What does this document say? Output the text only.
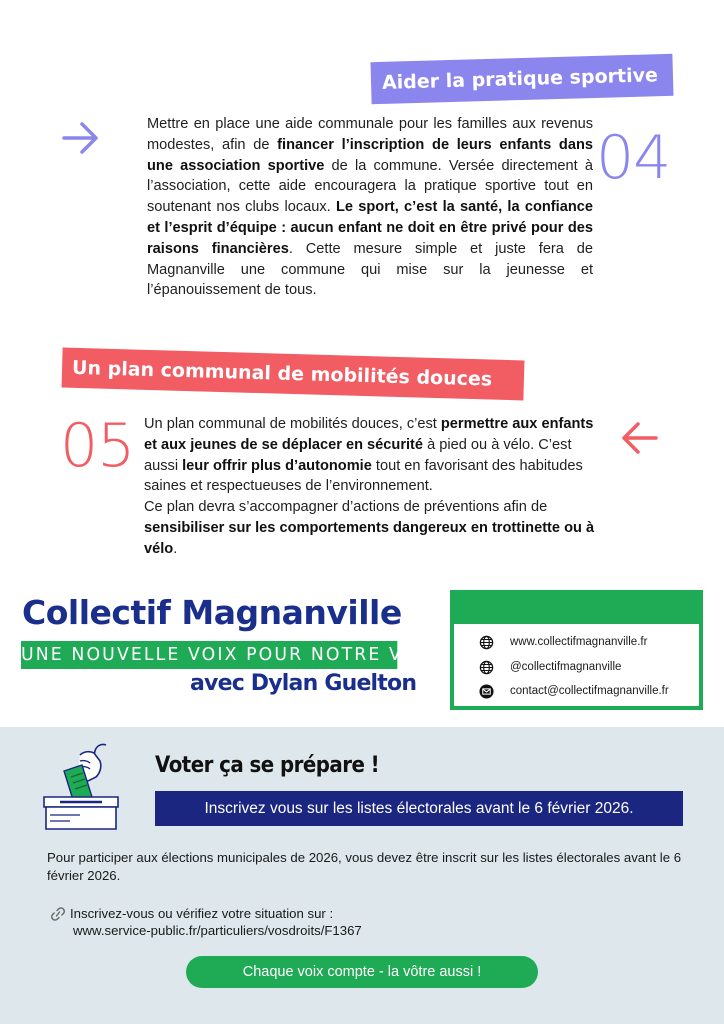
Aider la pratique sportive
Mettre en place une aide communale pour les familles aux revenus modestes, afin de financer l’inscription de leurs enfants dans une association sportive de la commune. Versée directement à l’association, cette aide encouragera la pratique sportive tout en soutenant nos clubs locaux. Le sport, c’est la santé, la confiance et l’esprit d’équipe : aucun enfant ne doit en être privé pour des raisons financières. Cette mesure simple et juste fera de Magnanville une commune qui mise sur la jeunesse et l’épanouissement de tous.
04
Un plan communal de mobilités douces
05 Un plan communal de mobilités douces, c’est permettre aux enfants et aux jeunes de se déplacer en sécurité à pied ou à vélo. C’est aussi leur offrir plus d’autonomie tout en favorisant des habitudes saines et respectueuses de l’environnement.
Ce plan devra s’accompagner d’actions de préventions afin de sensibiliser sur les comportements dangereux en trottinette ou à vélo.
Collectif Magnanville
UNE NOUVELLE VOIX POUR NOTRE VILLE
avec Dylan Guelton
www.collectifmagnanville.fr
@collectifmagnanville
contact@collectifmagnanville.fr
Voter ça se prépare !
Inscrivez vous sur les listes électorales avant le 6 février 2026.
Pour participer aux élections municipales de 2026, vous devez être inscrit sur les listes électorales avant le 6 février 2026.
Inscrivez-vous ou vérifiez votre situation sur :
www.service-public.fr/particuliers/vosdroits/F1367
Chaque voix compte - la vôtre aussi !
